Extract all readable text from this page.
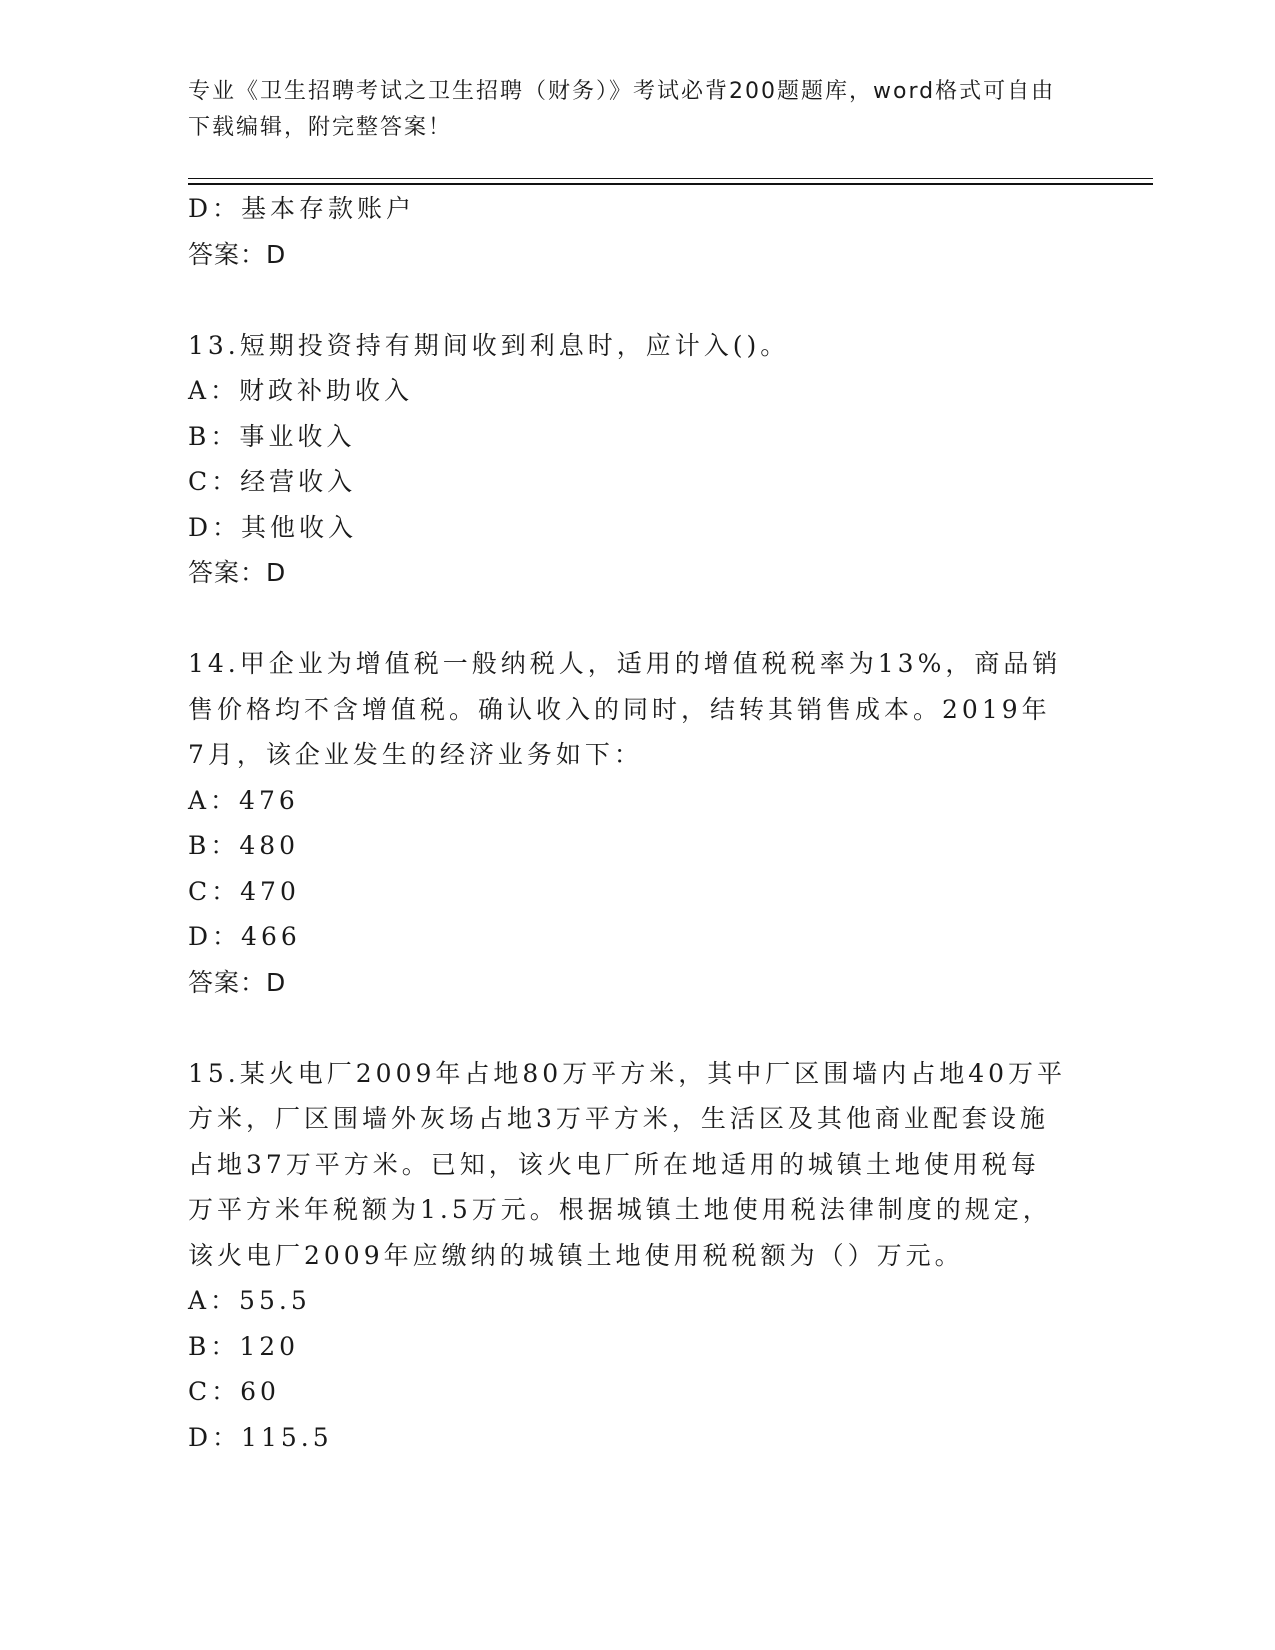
专业《卫生招聘考试之卫生招聘（财务）》考试必背200题题库，word格式可自由下载编辑，附完整答案！
D：基本存款账户
答案：D
13.短期投资持有期间收到利息时，应计入()。
A：财政补助收入
B：事业收入
C：经营收入
D：其他收入
答案：D
14.甲企业为增值税一般纳税人，适用的增值税税率为13%，商品销售价格均不含增值税。确认收入的同时，结转其销售成本。2019年7月，该企业发生的经济业务如下：
A：476
B：480
C：470
D：466
答案：D
15.某火电厂2009年占地80万平方米，其中厂区围墙内占地40万平方米，厂区围墙外灰场占地3万平方米，生活区及其他商业配套设施占地37万平方米。已知，该火电厂所在地适用的城镇土地使用税每万平方米年税额为1.5万元。根据城镇土地使用税法律制度的规定，该火电厂2009年应缴纳的城镇土地使用税税额为（）万元。
A：55.5
B：120
C：60
D：115.5
